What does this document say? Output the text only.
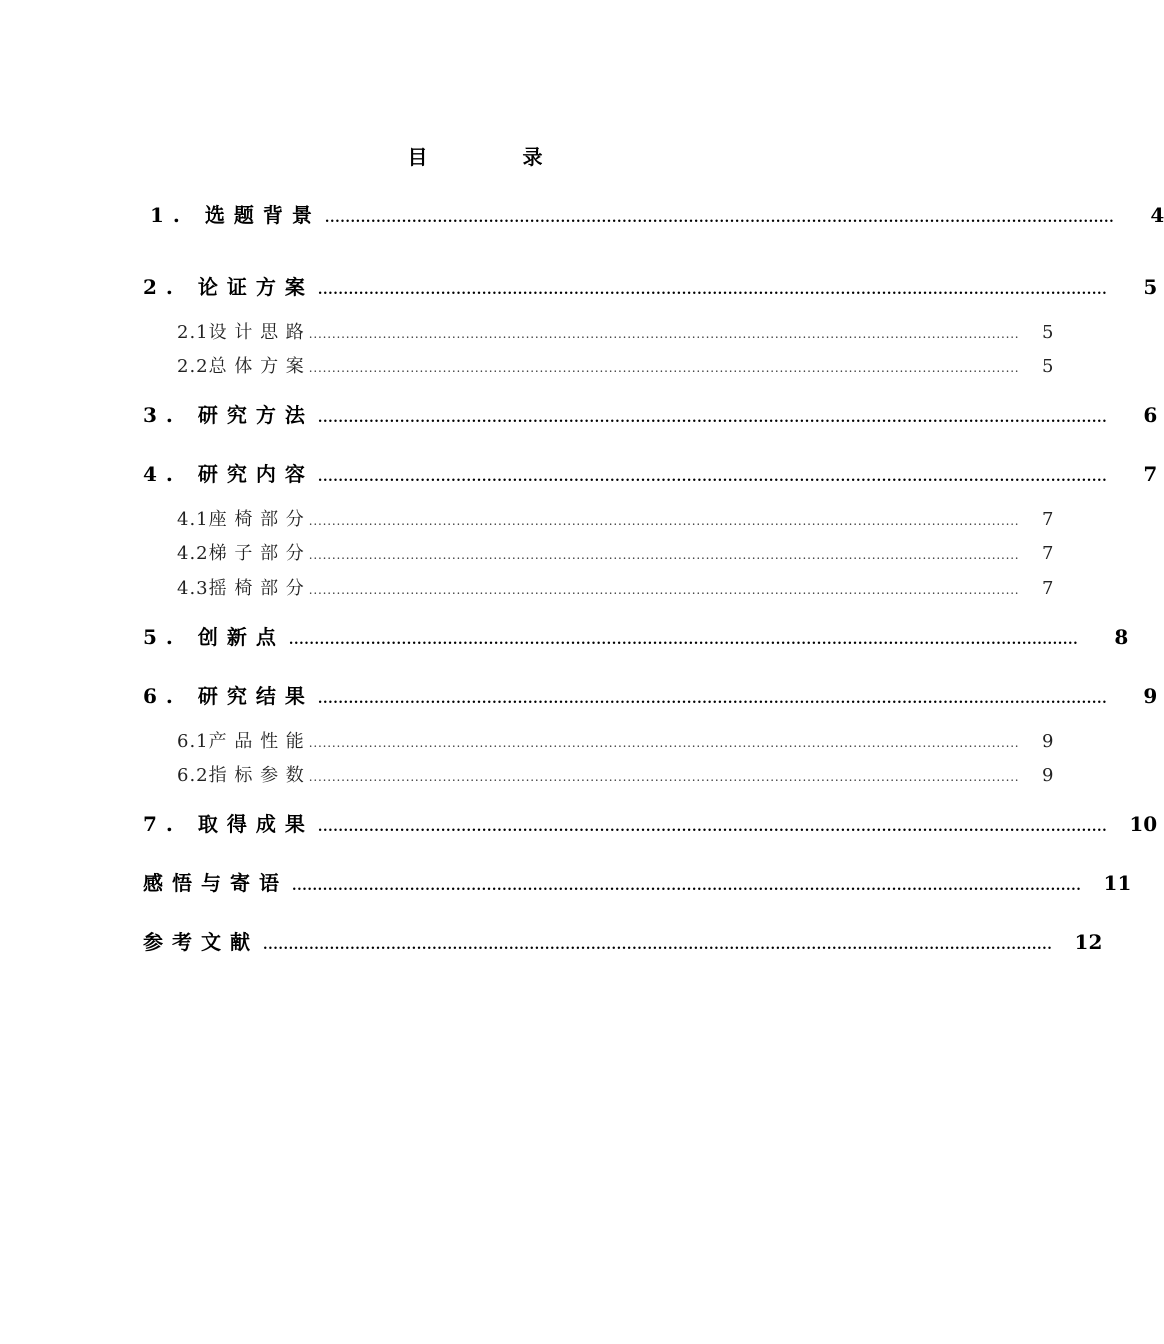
目 录
1. 选题背景 ..........................................................................................................................................................	4
2. 论证方案 ..........................................................................................................................................................	5
2.1设 计 思 路 ..........................................................................................................................................................	5
2.2总 体 方 案 ..........................................................................................................................................................	5
3. 研究方法 ..........................................................................................................................................................	6
4. 研究内容 ..........................................................................................................................................................	7
4.1座 椅 部 分 ..........................................................................................................................................................	7
4.2梯 子 部 分 ..........................................................................................................................................................	7
4.3摇 椅 部 分 ..........................................................................................................................................................	7
5. 创新点 ..........................................................................................................................................................	8
6. 研究结果 ..........................................................................................................................................................	9
6.1产 品 性 能 ..........................................................................................................................................................	9
6.2指 标 参 数 ..........................................................................................................................................................	9
7. 取得成果 ..........................................................................................................................................................	10
感悟与寄语 ..........................................................................................................................................................	11
参考文献 ..........................................................................................................................................................	12
